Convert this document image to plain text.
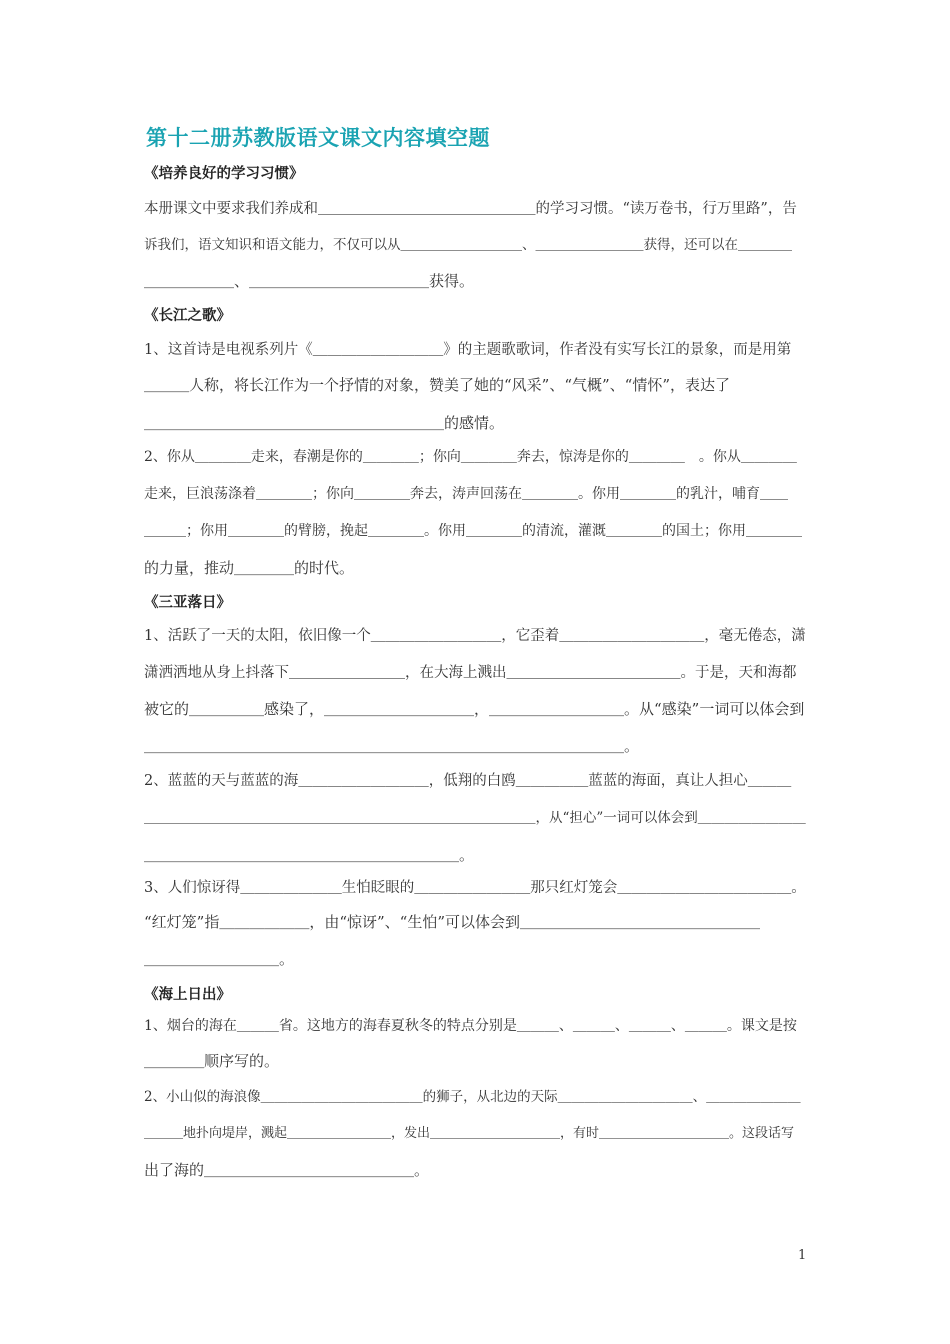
第十二册苏教版语文课文内容填空题
《培养良好的学习习惯》
本册课文中要求我们养成和＿＿＿＿＿＿＿＿＿＿＿＿＿＿＿的学习习惯。“读万卷书，行万里路”，告
诉我们，语文知识和语文能力，不仅可以从＿＿＿＿＿＿＿＿＿、＿＿＿＿＿＿＿＿获得，还可以在＿＿＿＿
＿＿＿＿＿＿、＿＿＿＿＿＿＿＿＿＿＿＿获得。
《长江之歌》
1、这首诗是电视系列片《＿＿＿＿＿＿＿＿＿》的主题歌歌词，作者没有实写长江的景象，而是用第
＿＿＿人称，将长江作为一个抒情的对象，赞美了她的“风采”、“气概”、“情怀”，表达了
＿＿＿＿＿＿＿＿＿＿＿＿＿＿＿＿＿＿＿＿的感情。
2、你从＿＿＿＿走来，春潮是你的＿＿＿＿；你向＿＿＿＿奔去，惊涛是你的＿＿＿＿　。你从＿＿＿＿
走来，巨浪荡涤着＿＿＿＿；你向＿＿＿＿奔去，涛声回荡在＿＿＿＿。你用＿＿＿＿的乳汁，哺育＿＿
＿＿＿；你用＿＿＿＿的臂膀，挽起＿＿＿＿。你用＿＿＿＿的清流，灌溉＿＿＿＿的国土；你用＿＿＿＿
的力量，推动＿＿＿＿的时代。
《三亚落日》
1、活跃了一天的太阳，依旧像一个＿＿＿＿＿＿＿＿＿，它歪着＿＿＿＿＿＿＿＿＿＿，毫无倦态，潇
潇洒洒地从身上抖落下＿＿＿＿＿＿＿＿，在大海上溅出＿＿＿＿＿＿＿＿＿＿＿＿。于是，天和海都
被它的＿＿＿＿＿感染了，＿＿＿＿＿＿＿＿＿＿，＿＿＿＿＿＿＿＿＿。从“感染”一词可以体会到
＿＿＿＿＿＿＿＿＿＿＿＿＿＿＿＿＿＿＿＿＿＿＿＿＿＿＿＿＿＿＿＿。
2、蓝蓝的天与蓝蓝的海＿＿＿＿＿＿＿＿＿，低翔的白鸥＿＿＿＿＿蓝蓝的海面，真让人担心＿＿＿
＿＿＿＿＿＿＿＿＿＿＿＿＿＿＿＿＿＿＿＿＿＿＿＿＿＿＿＿＿，从“担心”一词可以体会到＿＿＿＿＿＿＿＿
＿＿＿＿＿＿＿＿＿＿＿＿＿＿＿＿＿＿＿＿＿。
3、人们惊讶得＿＿＿＿＿＿＿生怕眨眼的＿＿＿＿＿＿＿＿那只红灯笼会＿＿＿＿＿＿＿＿＿＿＿＿。
“红灯笼”指＿＿＿＿＿＿，由“惊讶”、“生怕”可以体会到＿＿＿＿＿＿＿＿＿＿＿＿＿＿＿＿
＿＿＿＿＿＿＿＿＿。
《海上日出》
1、烟台的海在＿＿＿省。这地方的海春夏秋冬的特点分别是＿＿＿、＿＿＿、＿＿＿、＿＿＿。课文是按
＿＿＿＿顺序写的。
2、小山似的海浪像＿＿＿＿＿＿＿＿＿＿＿＿的狮子，从北边的天际＿＿＿＿＿＿＿＿＿＿、＿＿＿＿＿＿＿
＿＿＿地扑向堤岸，溅起＿＿＿＿＿＿＿＿，发出＿＿＿＿＿＿＿＿＿＿，有时＿＿＿＿＿＿＿＿＿＿。这段话写
出了海的＿＿＿＿＿＿＿＿＿＿＿＿＿＿。
1
